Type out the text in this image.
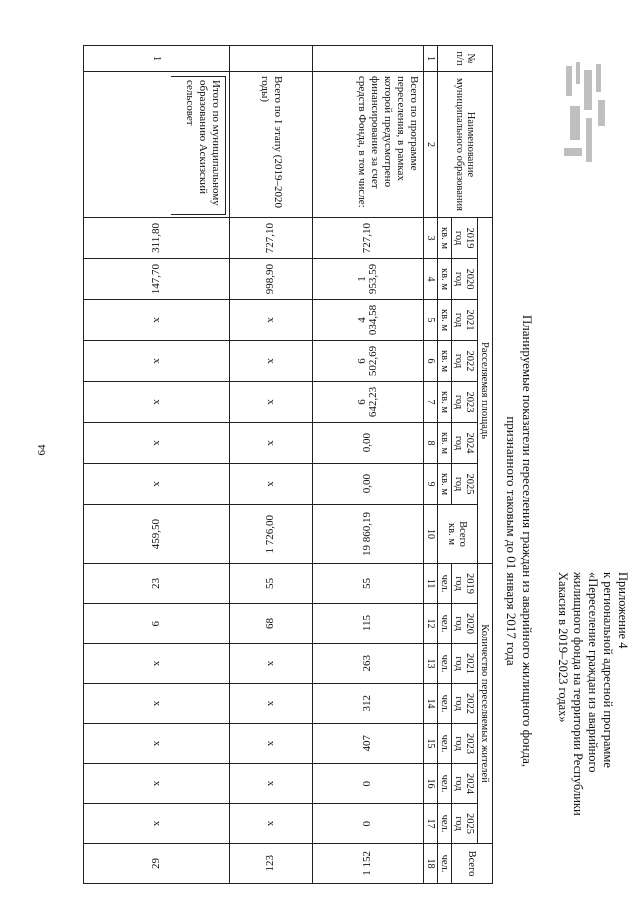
64
Приложение 4
к региональной адресной программе
«Переселение граждан из аварийного
жилищного фонда на территории Республики
Хакасия в 2019–2023 годах»
Планируемые показатели переселения граждан из аварийного жилищного фонда,
признанного таковым до 01 января 2017 года
№ п/п	Наименование муниципального образования	Расселяемая площадь								Количество переселяемых жителей							Всего
		2019 год	2020 год	2021 год	2022 год	2023 год	2024 год	2025 год	Всего
кв. м	2019 год	2020 год	2021 год	2022 год	2023 год	2024 год	2025 год	
		кв. м	кв. м	кв. м	кв. м	кв. м	кв. м	кв. м		чел.	чел.	чел.	чел.	чел.	чел.	чел.	чел.
1	2	3	4	5	6	7	8	9	10	11	12	13	14	15	16	17	18
	Всего по программе переселения, в рамках которой предусмотрено финансирование за счет средств Фонда, в том числе:	727,10	1 953,59	4 034,58	6 502,69	6 642,23	0,00	0,00	19 860,19	55	115	263	312	407	0	0	1 152
	Всего по I этапу (2019–2020 годы)	727,10	998,90	x	x	x	x	x	1 726,00	55	68	x	x	x	x	x	123
1	Итого по муниципальному образованию Аскизский сельсовет	311,80	147,70	x	x	x	x	x	459,50	23	6	x	x	x	x	x	29
